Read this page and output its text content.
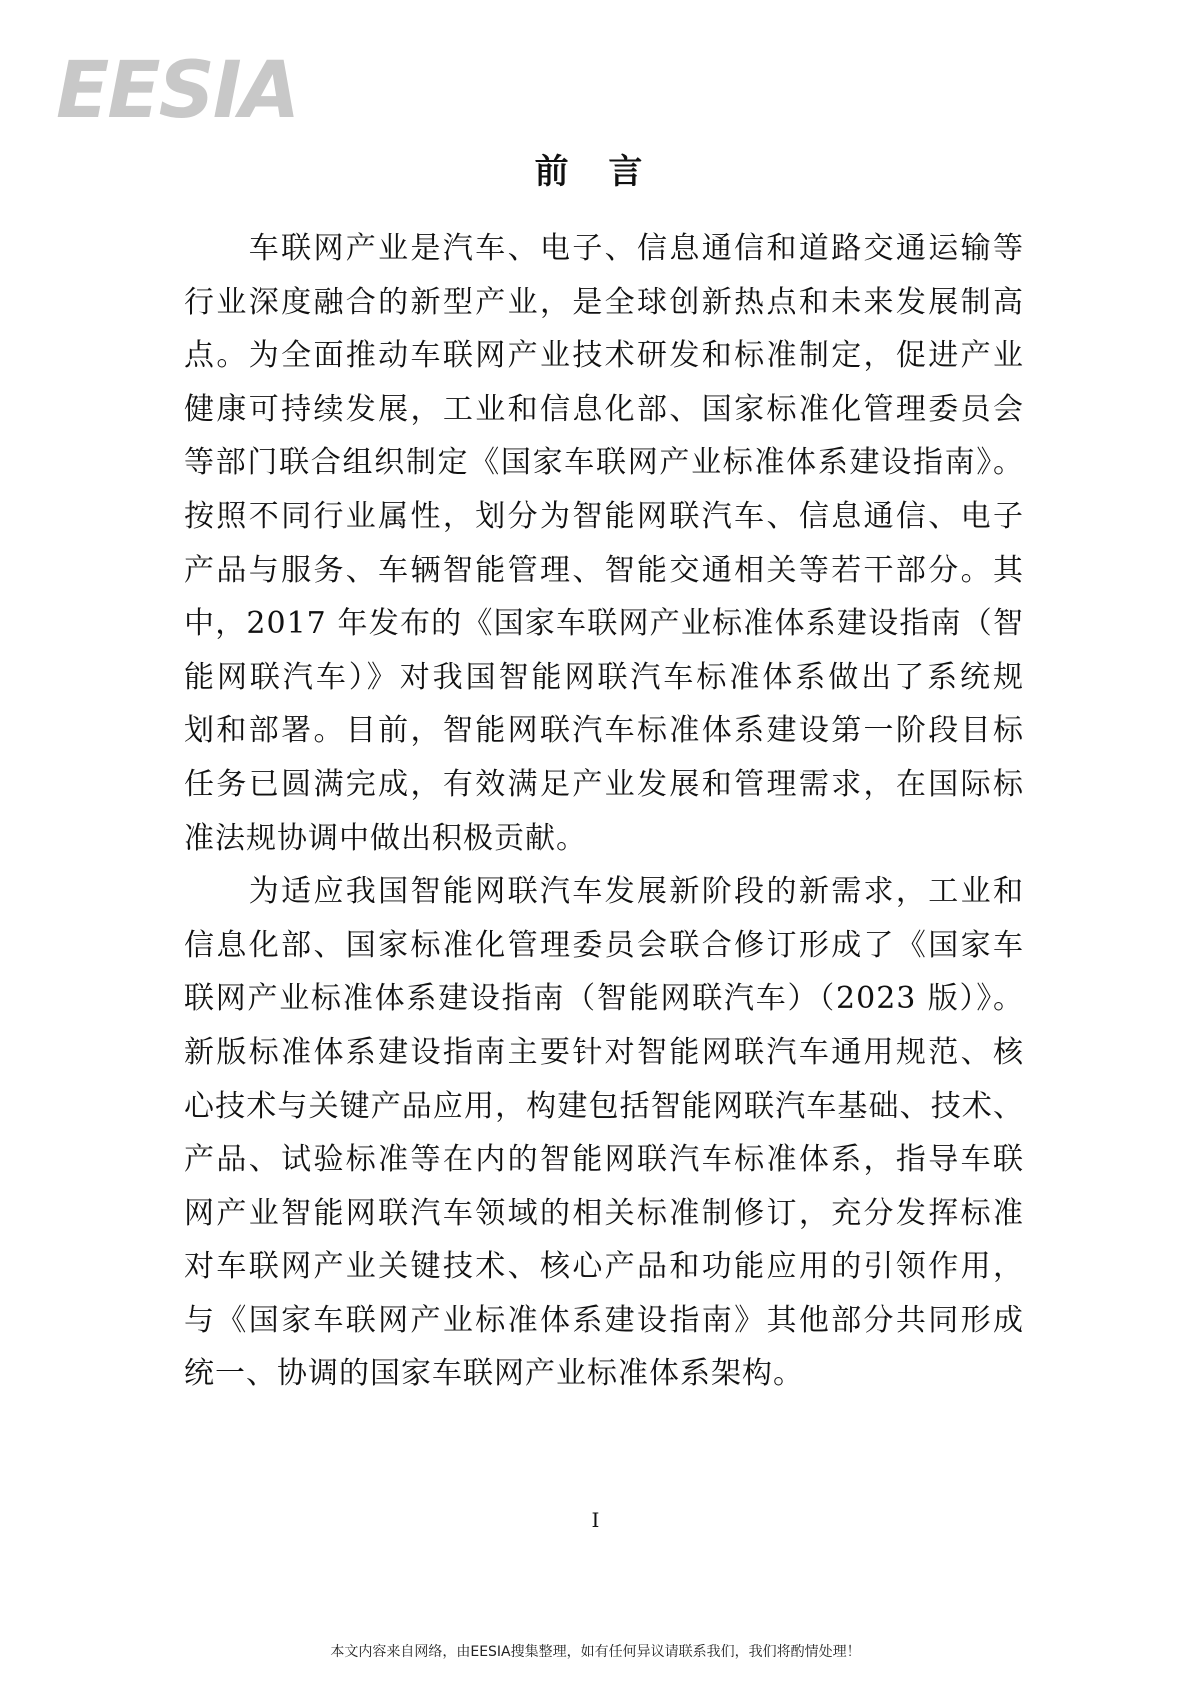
EESIA
前 言

　　车联网产业是汽车、电子、信息通信和道路交通运输等

行业深度融合的新型产业，是全球创新热点和未来发展制高

点。为全面推动车联网产业技术研发和标准制定，促进产业

健康可持续发展，工业和信息化部、国家标准化管理委员会

等部门联合组织制定《国家车联网产业标准体系建设指南》。

按照不同行业属性，划分为智能网联汽车、信息通信、电子

产品与服务、车辆智能管理、智能交通相关等若干部分。其

中，2017 年发布的《国家车联网产业标准体系建设指南（智

能网联汽车）》对我国智能网联汽车标准体系做出了系统规

划和部署。目前，智能网联汽车标准体系建设第一阶段目标

任务已圆满完成，有效满足产业发展和管理需求，在国际标

准法规协调中做出积极贡献。

　　为适应我国智能网联汽车发展新阶段的新需求，工业和

信息化部、国家标准化管理委员会联合修订形成了《国家车

联网产业标准体系建设指南（智能网联汽车）（2023 版）》。

新版标准体系建设指南主要针对智能网联汽车通用规范、核

心技术与关键产品应用，构建包括智能网联汽车基础、技术、

产品、试验标准等在内的智能网联汽车标准体系，指导车联

网产业智能网联汽车领域的相关标准制修订，充分发挥标准

对车联网产业关键技术、核心产品和功能应用的引领作用，

与《国家车联网产业标准体系建设指南》其他部分共同形成

统一、协调的国家车联网产业标准体系架构。

I
本文内容来自网络，由EESIA搜集整理，如有任何异议请联系我们，我们将酌情处理！
